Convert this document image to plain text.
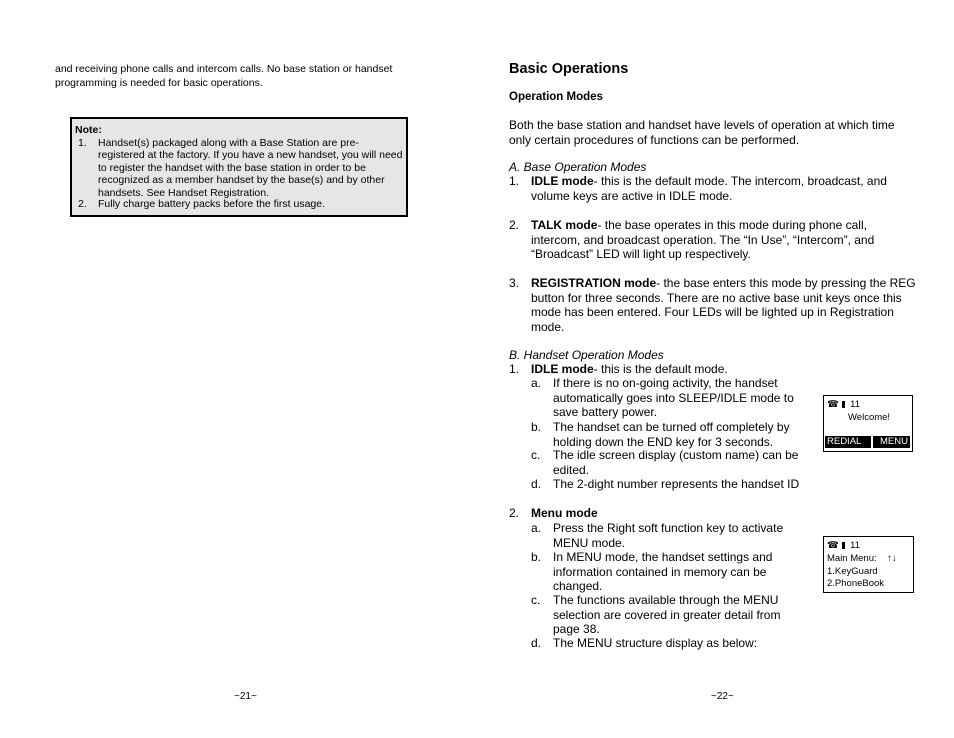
and receiving phone calls and intercom calls. No base station or handset programming is needed for basic operations.
Note:
1. Handset(s) packaged along with a Base Station are pre-registered at the factory. If you have a new handset, you will need to register the handset with the base station in order to be recognized as a member handset by the base(s) and by other handsets. See Handset Registration.
2. Fully charge battery packs before the first usage.
~21~
Basic Operations
Operation Modes
Both the base station and handset have levels of operation at which time only certain procedures of functions can be performed.
A. Base Operation Modes
1. IDLE mode- this is the default mode. The intercom, broadcast, and volume keys are active in IDLE mode.
2. TALK mode- the base operates in this mode during phone call, intercom, and broadcast operation. The “In Use”, “Intercom”, and “Broadcast” LED will light up respectively.
3. REGISTRATION mode- the base enters this mode by pressing the REG button for three seconds. There are no active base unit keys once this mode has been entered. Four LEDs will be lighted up in Registration mode.
B. Handset Operation Modes
1. IDLE mode- this is the default mode.
a. If there is no on-going activity, the handset automatically goes into SLEEP/IDLE mode to save battery power.
b. The handset can be turned off completely by holding down the END key for 3 seconds.
c. The idle screen display (custom name) can be edited.
d. The 2-dight number represents the handset ID
2. Menu mode
a. Press the Right soft function key to activate MENU mode.
b. In MENU mode, the handset settings and information contained in memory can be changed.
c. The functions available through the MENU selection are covered in greater detail from page 38.
d. The MENU structure display as below:
☎ 11
Welcome!
REDIAL	MENU
☎ 11
Main Menu: ↑↓
1.KeyGuard
2.PhoneBook
~22~
